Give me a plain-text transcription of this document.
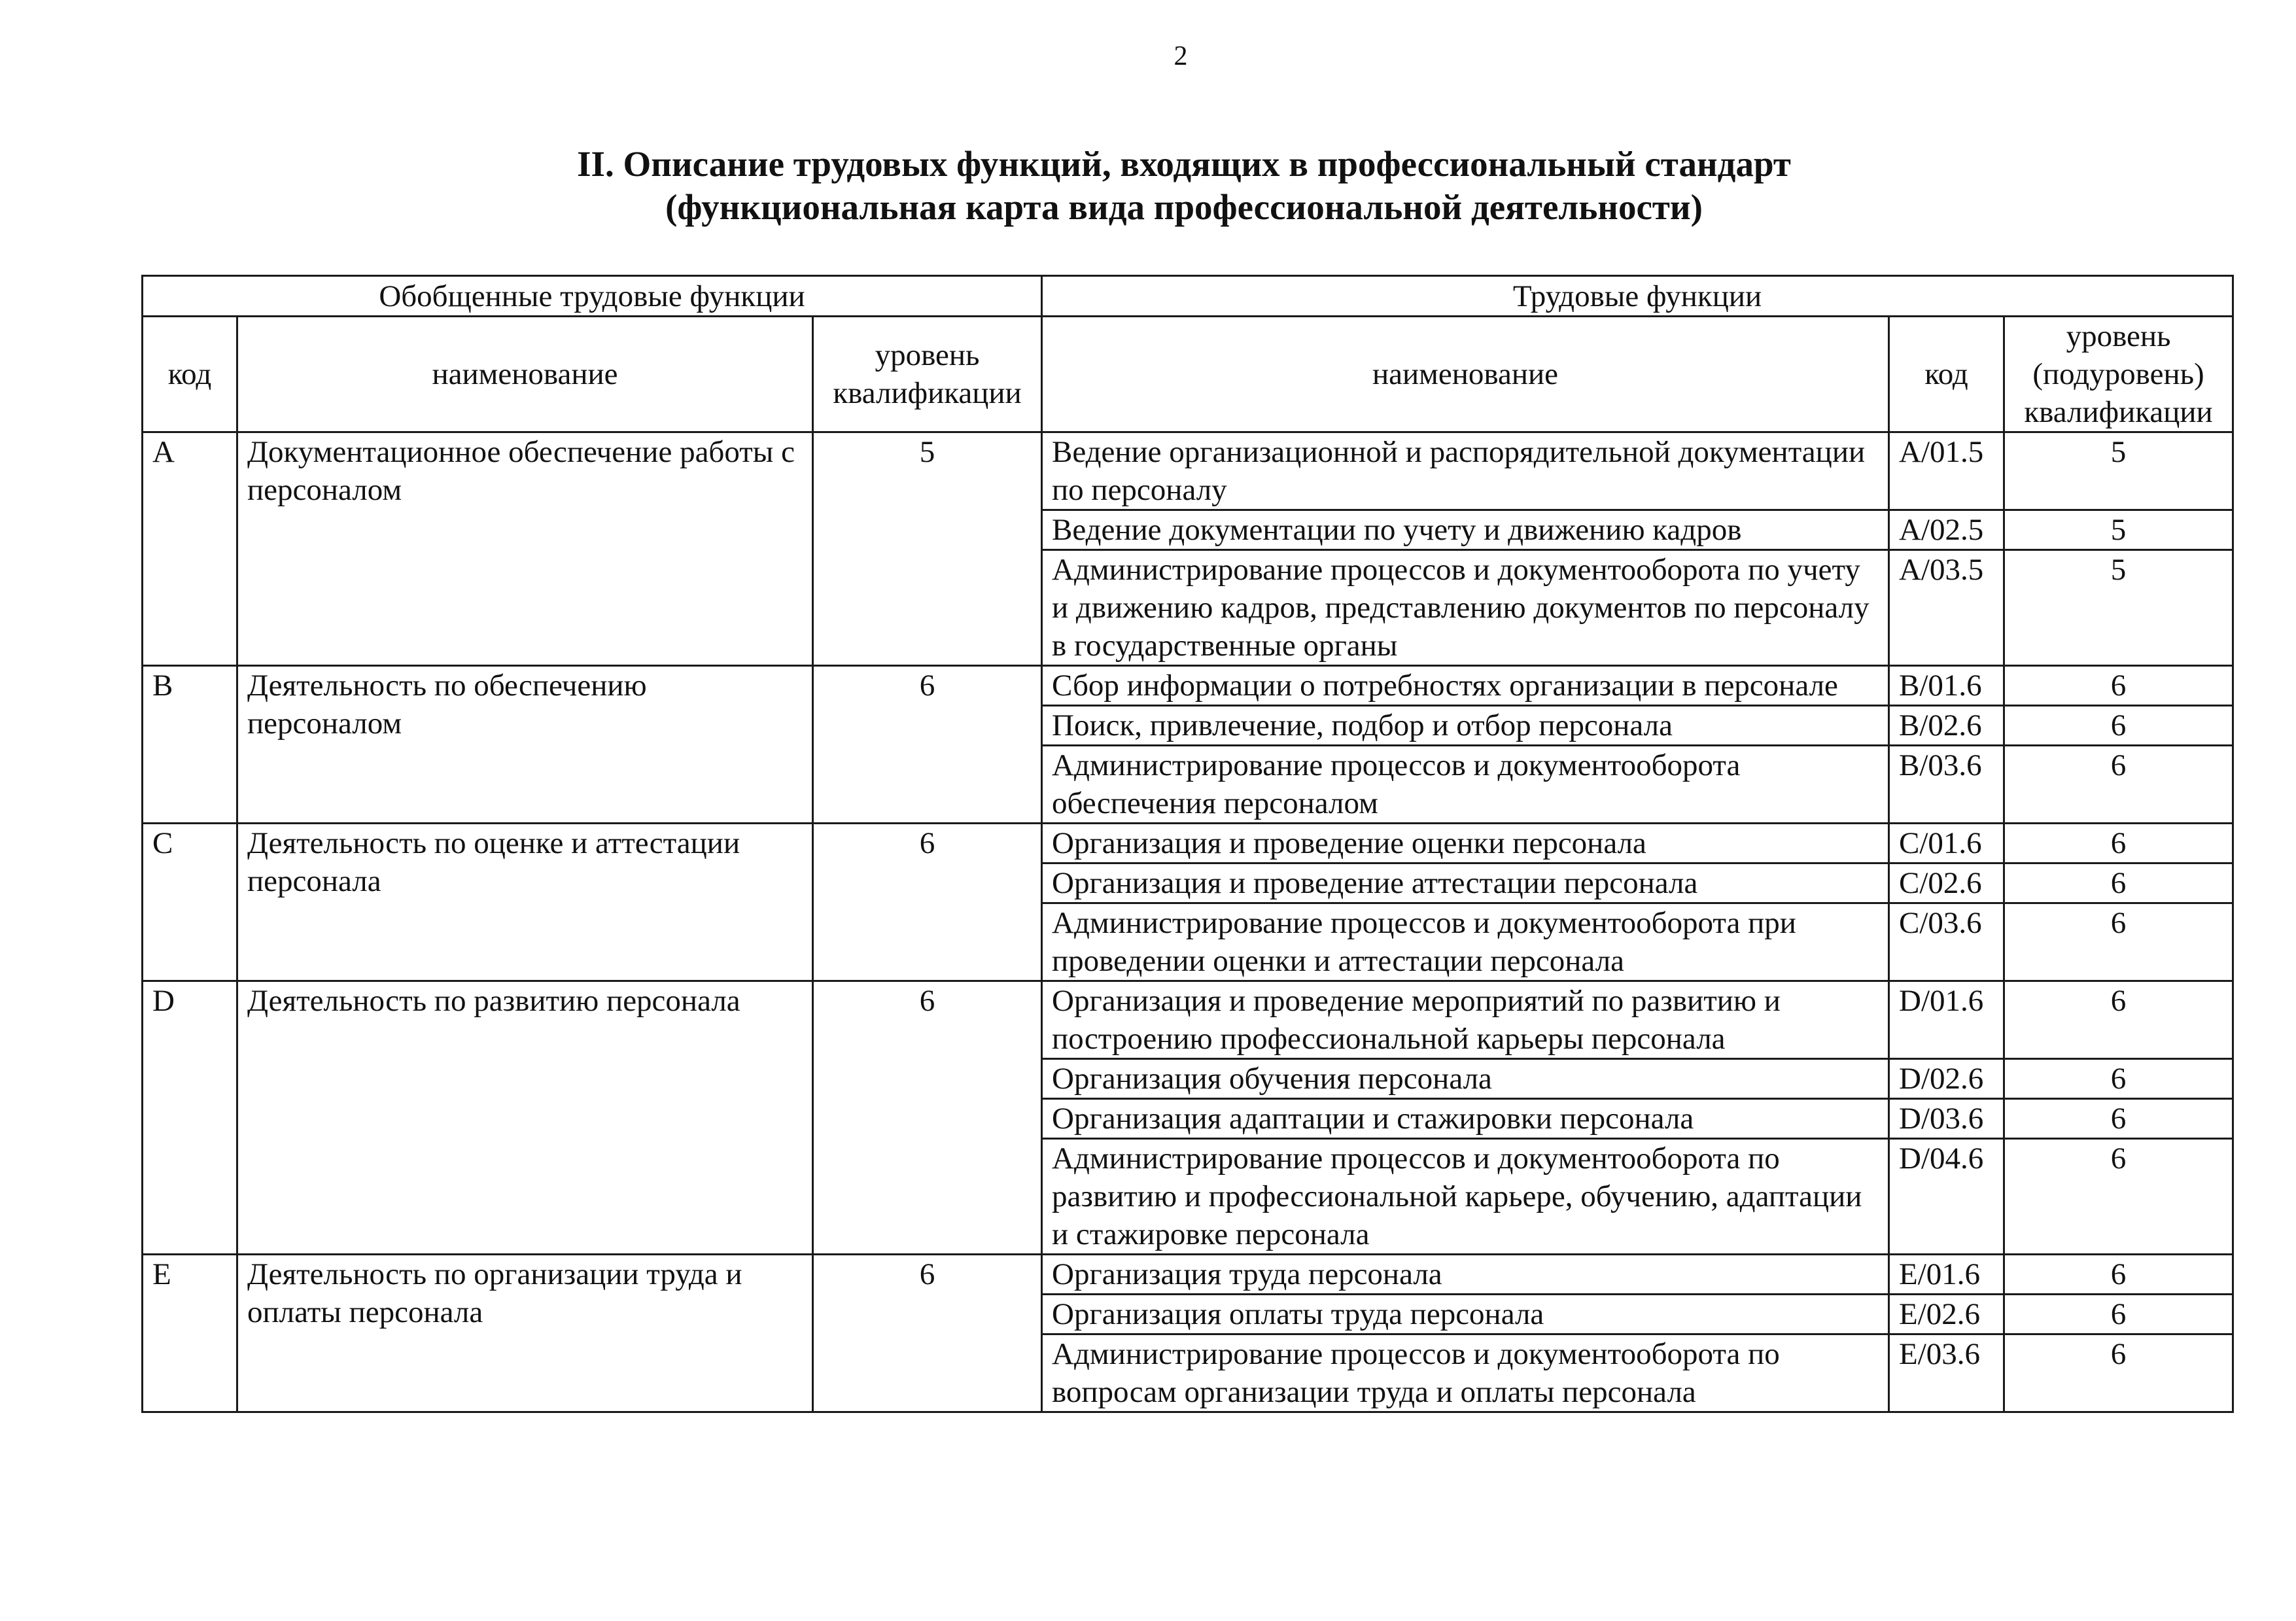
2
II. Описание трудовых функций, входящих в профессиональный стандарт
(функциональная карта вида профессиональной деятельности)
Обобщенные трудовые функции			Трудовые функции		
код	наименование	уровень квалификации	наименование	код	уровень (подуровень) квалификации
A	Документационное обеспечение работы с персоналом	5	Ведение организационной и распорядительной документации по персоналу	A/01.5	5
			Ведение документации по учету и движению кадров	A/02.5	5
			Администрирование процессов и документооборота по учету и движению кадров, представлению документов по персоналу в государственные органы	A/03.5	5
B	Деятельность по обеспечению персоналом	6	Сбор информации о потребностях организации в персонале	B/01.6	6
			Поиск, привлечение, подбор и отбор персонала	B/02.6	6
			Администрирование процессов и документооборота обеспечения персоналом	B/03.6	6
C	Деятельность по оценке и аттестации персонала	6	Организация и проведение оценки персонала	C/01.6	6
			Организация и проведение аттестации персонала	C/02.6	6
			Администрирование процессов и документооборота при проведении оценки и аттестации персонала	C/03.6	6
D	Деятельность по развитию персонала	6	Организация и проведение мероприятий по развитию и построению профессиональной карьеры персонала	D/01.6	6
			Организация обучения персонала	D/02.6	6
			Организация адаптации и стажировки персонала	D/03.6	6
			Администрирование процессов и документооборота по развитию и профессиональной карьере, обучению, адаптации и стажировке персонала	D/04.6	6
E	Деятельность по организации труда и оплаты персонала	6	Организация труда персонала	E/01.6	6
			Организация оплаты труда персонала	E/02.6	6
			Администрирование процессов и документооборота по вопросам организации труда и оплаты персонала	E/03.6	6
